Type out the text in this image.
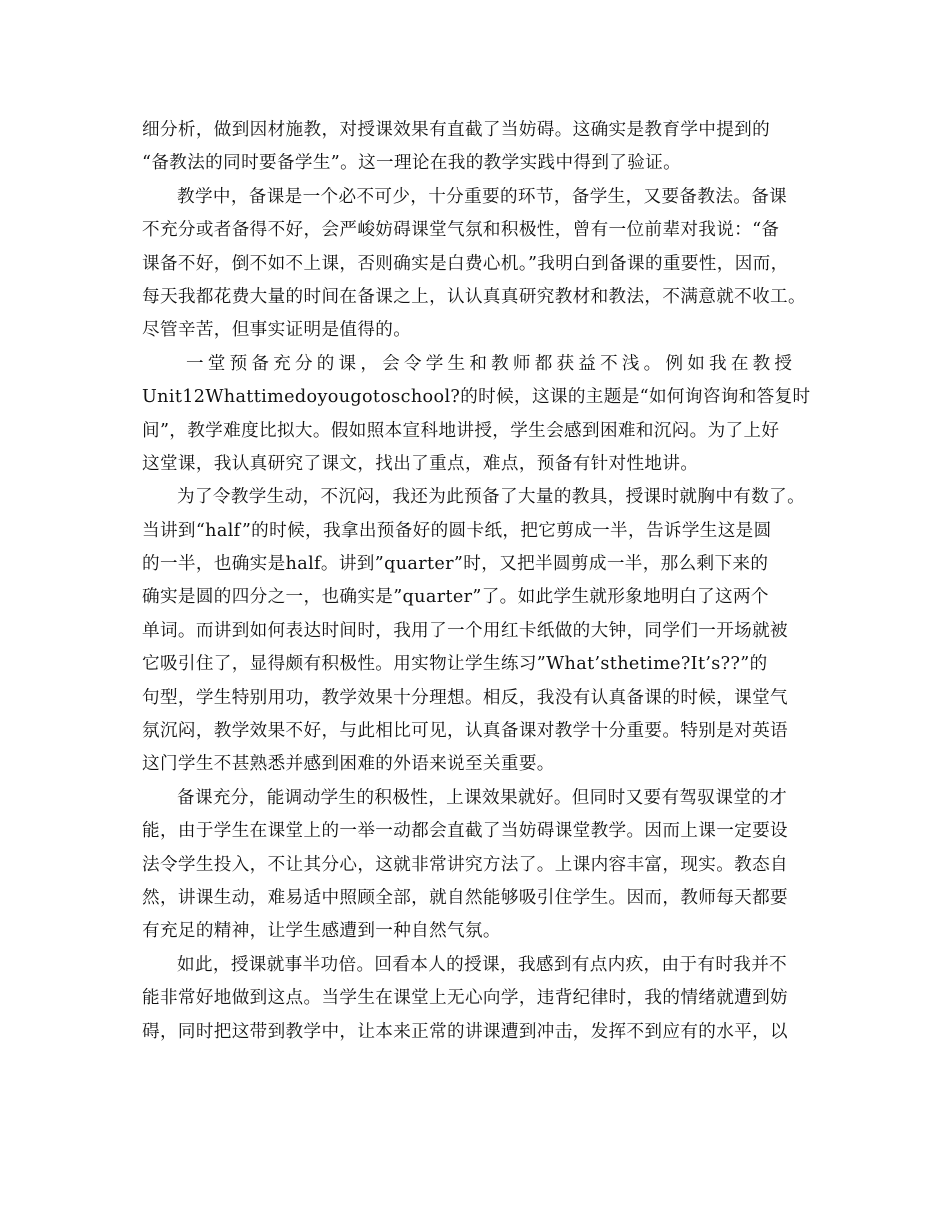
细分析，做到因材施教，对授课效果有直截了当妨碍。这确实是教育学中提到的
“备教法的同时要备学生”。这一理论在我的教学实践中得到了验证。
教学中，备课是一个必不可少，十分重要的环节，备学生，又要备教法。备课
不充分或者备得不好，会严峻妨碍课堂气氛和积极性，曾有一位前辈对我说：“备
课备不好，倒不如不上课，否则确实是白费心机。”我明白到备课的重要性，因而，
每天我都花费大量的时间在备课之上，认认真真研究教材和教法，不满意就不收工。
尽管辛苦，但事实证明是值得的。
一堂预备充分的课，会令学生和教师都获益不浅。例如我在教授
Unit12Whattimedoyougotoschool?的时候，这课的主题是“如何询咨询和答复时
间”，教学难度比拟大。假如照本宣科地讲授，学生会感到困难和沉闷。为了上好
这堂课，我认真研究了课文，找出了重点，难点，预备有针对性地讲。
为了令教学生动，不沉闷，我还为此预备了大量的教具，授课时就胸中有数了。
当讲到“half”的时候，我拿出预备好的圆卡纸，把它剪成一半，告诉学生这是圆
的一半，也确实是half。讲到”quarter”时，又把半圆剪成一半，那么剩下来的
确实是圆的四分之一，也确实是”quarter”了。如此学生就形象地明白了这两个
单词。而讲到如何表达时间时，我用了一个用红卡纸做的大钟，同学们一开场就被
它吸引住了，显得颇有积极性。用实物让学生练习”What’sthetime?It’s??”的
句型，学生特别用功，教学效果十分理想。相反，我没有认真备课的时候，课堂气
氛沉闷，教学效果不好，与此相比可见，认真备课对教学十分重要。特别是对英语
这门学生不甚熟悉并感到困难的外语来说至关重要。
备课充分，能调动学生的积极性，上课效果就好。但同时又要有驾驭课堂的才
能，由于学生在课堂上的一举一动都会直截了当妨碍课堂教学。因而上课一定要设
法令学生投入，不让其分心，这就非常讲究方法了。上课内容丰富，现实。教态自
然，讲课生动，难易适中照顾全部，就自然能够吸引住学生。因而，教师每天都要
有充足的精神，让学生感遭到一种自然气氛。
如此，授课就事半功倍。回看本人的授课，我感到有点内疚，由于有时我并不
能非常好地做到这点。当学生在课堂上无心向学，违背纪律时，我的情绪就遭到妨
碍，同时把这带到教学中，让本来正常的讲课遭到冲击，发挥不到应有的水平，以
